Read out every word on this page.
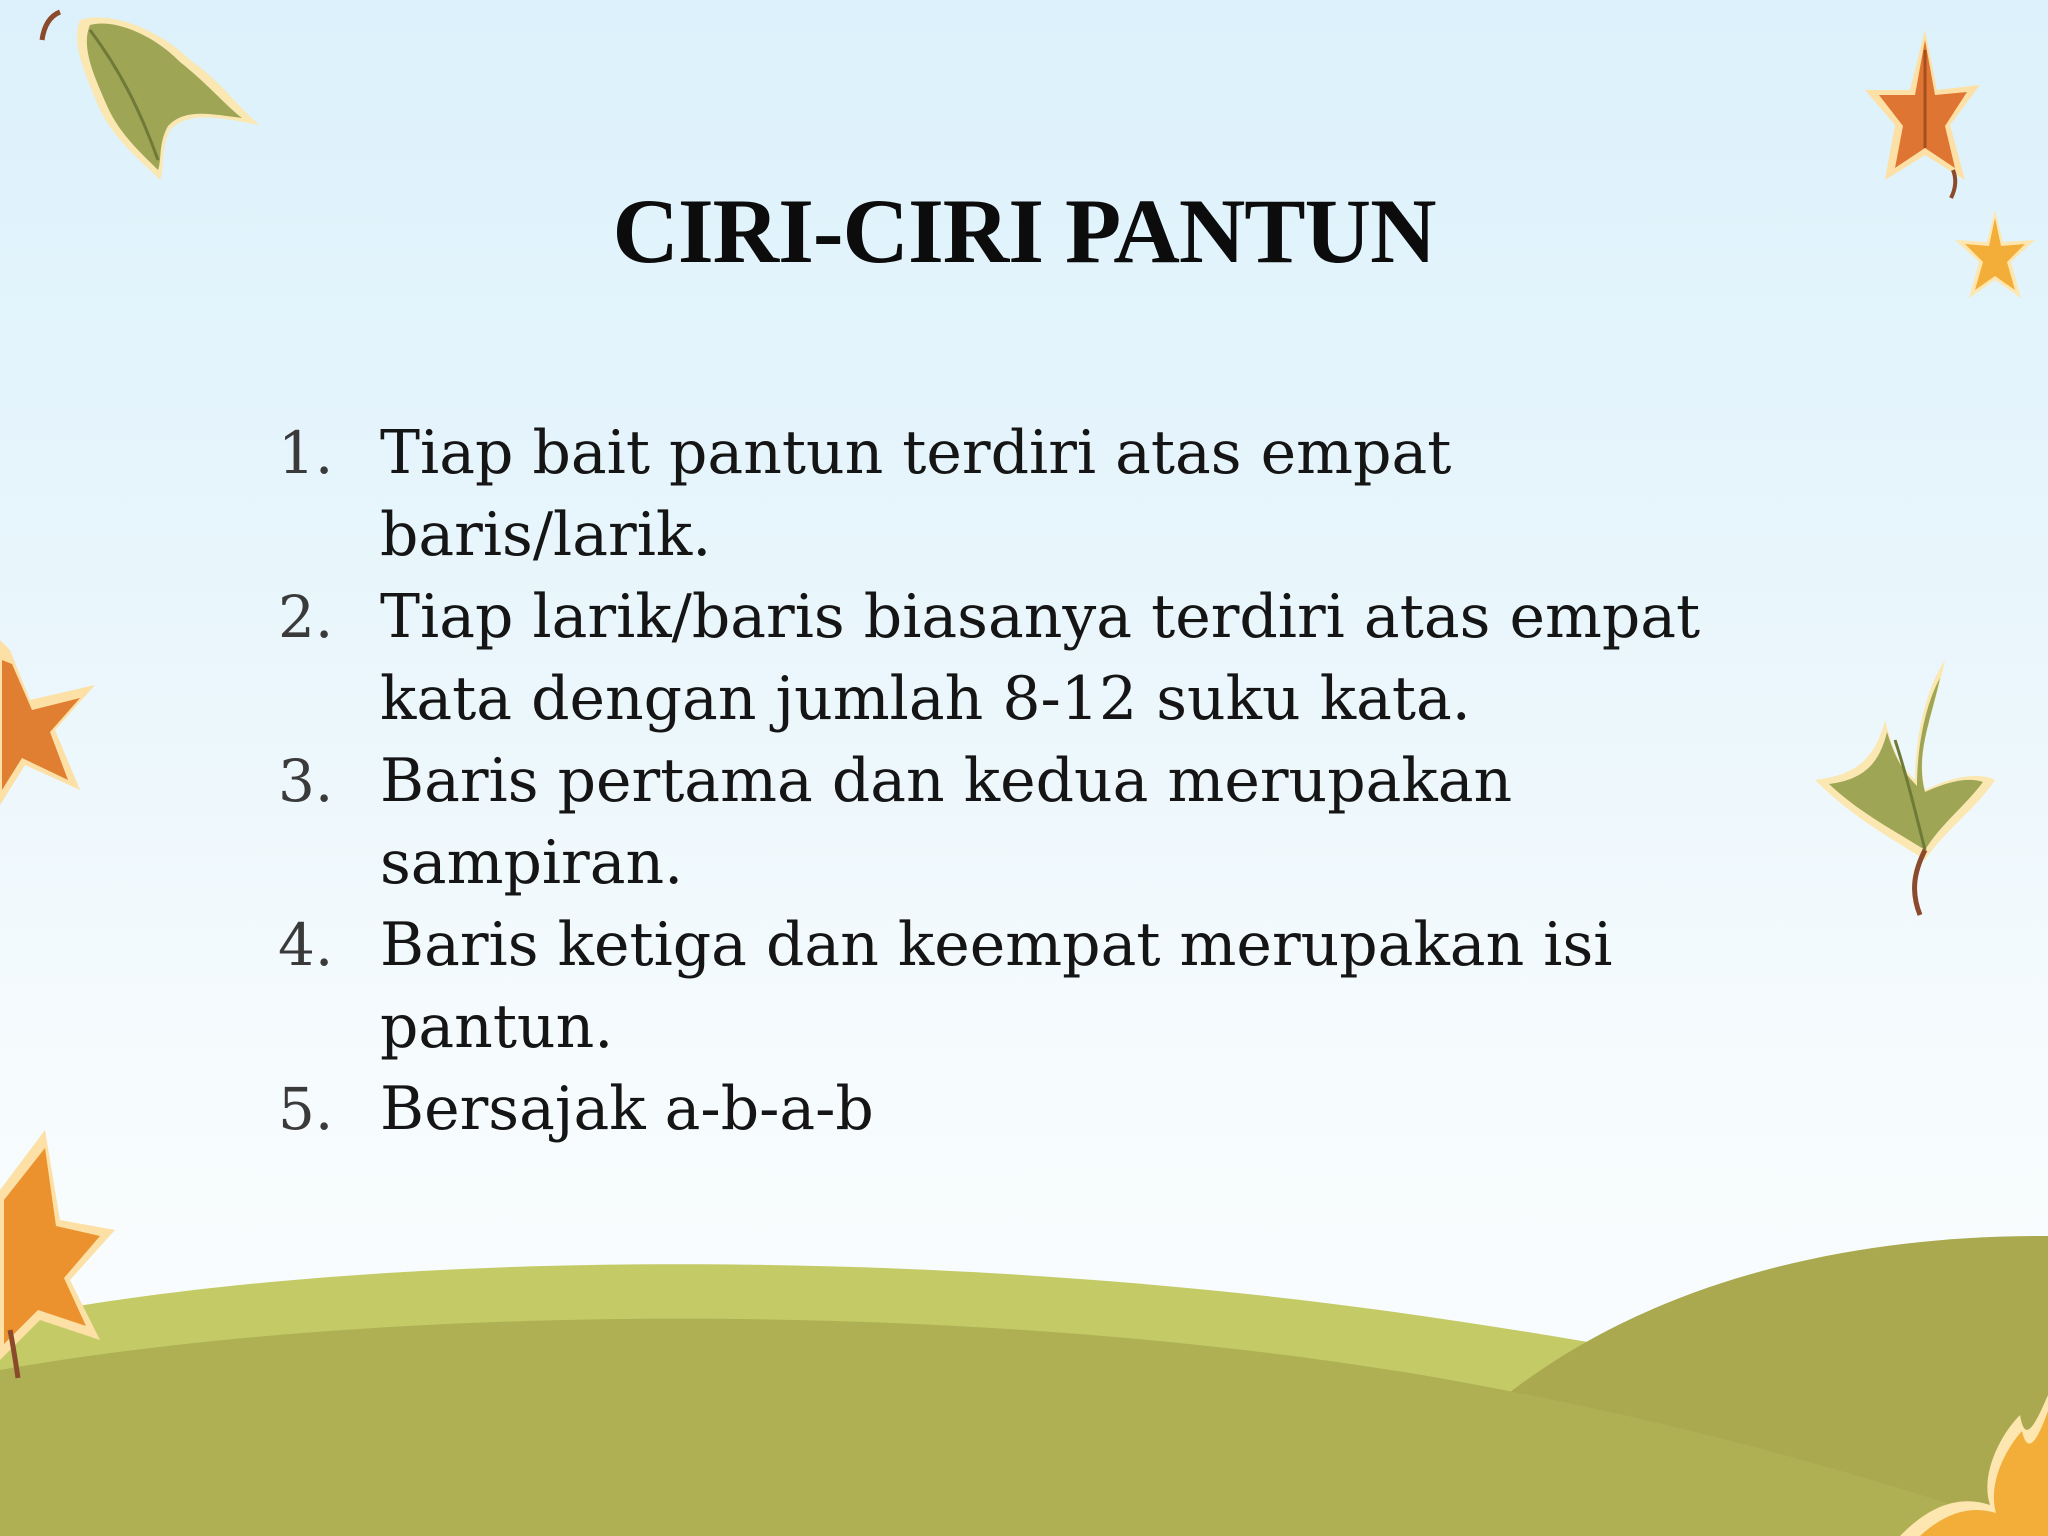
CIRI-CIRI PANTUN
1. Tiap bait pantun terdiri atas empat baris/larik.
2. Tiap larik/baris biasanya terdiri atas empat kata dengan jumlah 8-12 suku kata.
3. Baris pertama dan kedua merupakan sampiran.
4. Baris ketiga dan keempat merupakan isi pantun.
5. Bersajak a-b-a-b
